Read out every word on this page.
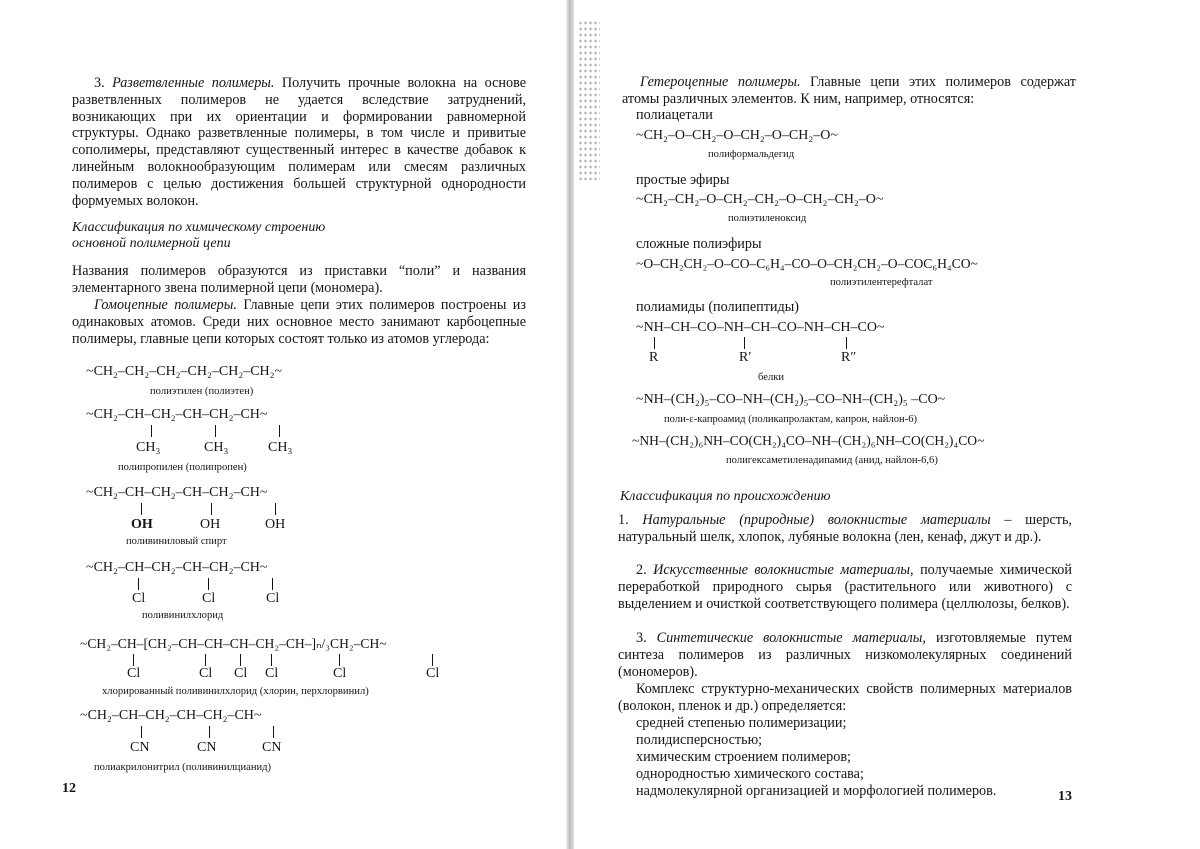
3. Разветвленные полимеры. Получить прочные волокна на основе разветвленных полимеров не удается вследствие затруднений, возникающих при их ориентации и формировании равномерной структуры. Однако разветвленные полимеры, в том числе и привитые сополимеры, представляют существенный интерес в качестве добавок к линейным волокнообразующим полимерам или смесям различных полимеров с целью достижения большей структурной однородности формуемых волокон.
Классификация по химическому строению
основной полимерной цепи
Названия полимеров образуются из приставки “поли” и названия элементарного звена полимерной цепи (мономера).
Гомоцепные полимеры. Главные цепи этих полимеров построены из одинаковых атомов. Среди них основное место занимают карбоцепные полимеры, главные цепи которых состоят только из атомов углерода:
~CH₂–CH₂–CH₂–CH₂–CH₂–CH₂~
полиэтилен (полиэтен)
~CH₂–CH–CH₂–CH–CH₂–CH~
CH₃	CH₃	CH₃
полипропилен (полипропен)
~CH₂–CH–CH₂–CH–CH₂–CH~
OH	OH	OH
поливиниловый спирт
~CH₂–CH–CH₂–CH–CH₂–CH~
Cl	Cl	Cl
поливинилхлорид
~CH₂–CH–[CH₂–CH–CH–CH–CH₂–CH–]ₙ/₃CH₂–CH~
Cl	Cl Cl Cl	Cl	Cl
хлорированный поливинилхлорид (хлорин, перхлорвинил)
~CH₂–CH–CH₂–CH–CH₂–CH~
CN	CN	CN
полиакрилонитрил (поливинилцианид)
12
Гетероцепные полимеры. Главные цепи этих полимеров содержат атомы различных элементов. К ним, например, относятся:
полиацетали
~CH₂–O–CH₂–O–CH₂–O–CH₂–O~
полиформальдегид
простые эфиры
~CH₂–CH₂–O–CH₂–CH₂–O–CH₂–CH₂–O~
полиэтиленоксид
сложные полиэфиры
~O–CH₂CH₂–O–CO–C₆H₄–CO–O–CH₂CH₂–O–COC₆H₄CO~
полиэтилентерефталат
полиамиды (полипептиды)
~NH–CH–CO–NH–CH–CO–NH–CH–CO~
R	R′	R″
белки
~NH–(CH₂)₅–CO–NH–(CH₂)₅–CO–NH–(CH₂)₅ –CO~
поли-ε-капроамид (поликапролактам, капрон, найлон-6)
~NH–(CH₂)₆NH–CO(CH₂)₄CO–NH–(CH₂)₆NH–CO(CH₂)₄CO~
полигексаметиленадипамид (анид, найлон-6,6)
Классификация по происхождению
1. Натуральные (природные) волокнистые материалы – шерсть, натуральный шелк, хлопок, лубяные волокна (лен, кенаф, джут и др.).
2. Искусственные волокнистые материалы, получаемые химической переработкой природного сырья (растительного или животного) с выделением и очисткой соответствующего полимера (целлюлозы, белков).
3. Синтетические волокнистые материалы, изготовляемые путем синтеза полимеров из различных низкомолекулярных соединений (мономеров).
Комплекс структурно-механических свойств полимерных материалов (волокон, пленок и др.) определяется:
средней степенью полимеризации;
полидисперсностью;
химическим строением полимеров;
однородностью химического состава;
надмолекулярной организацией и морфологией полимеров.	13
